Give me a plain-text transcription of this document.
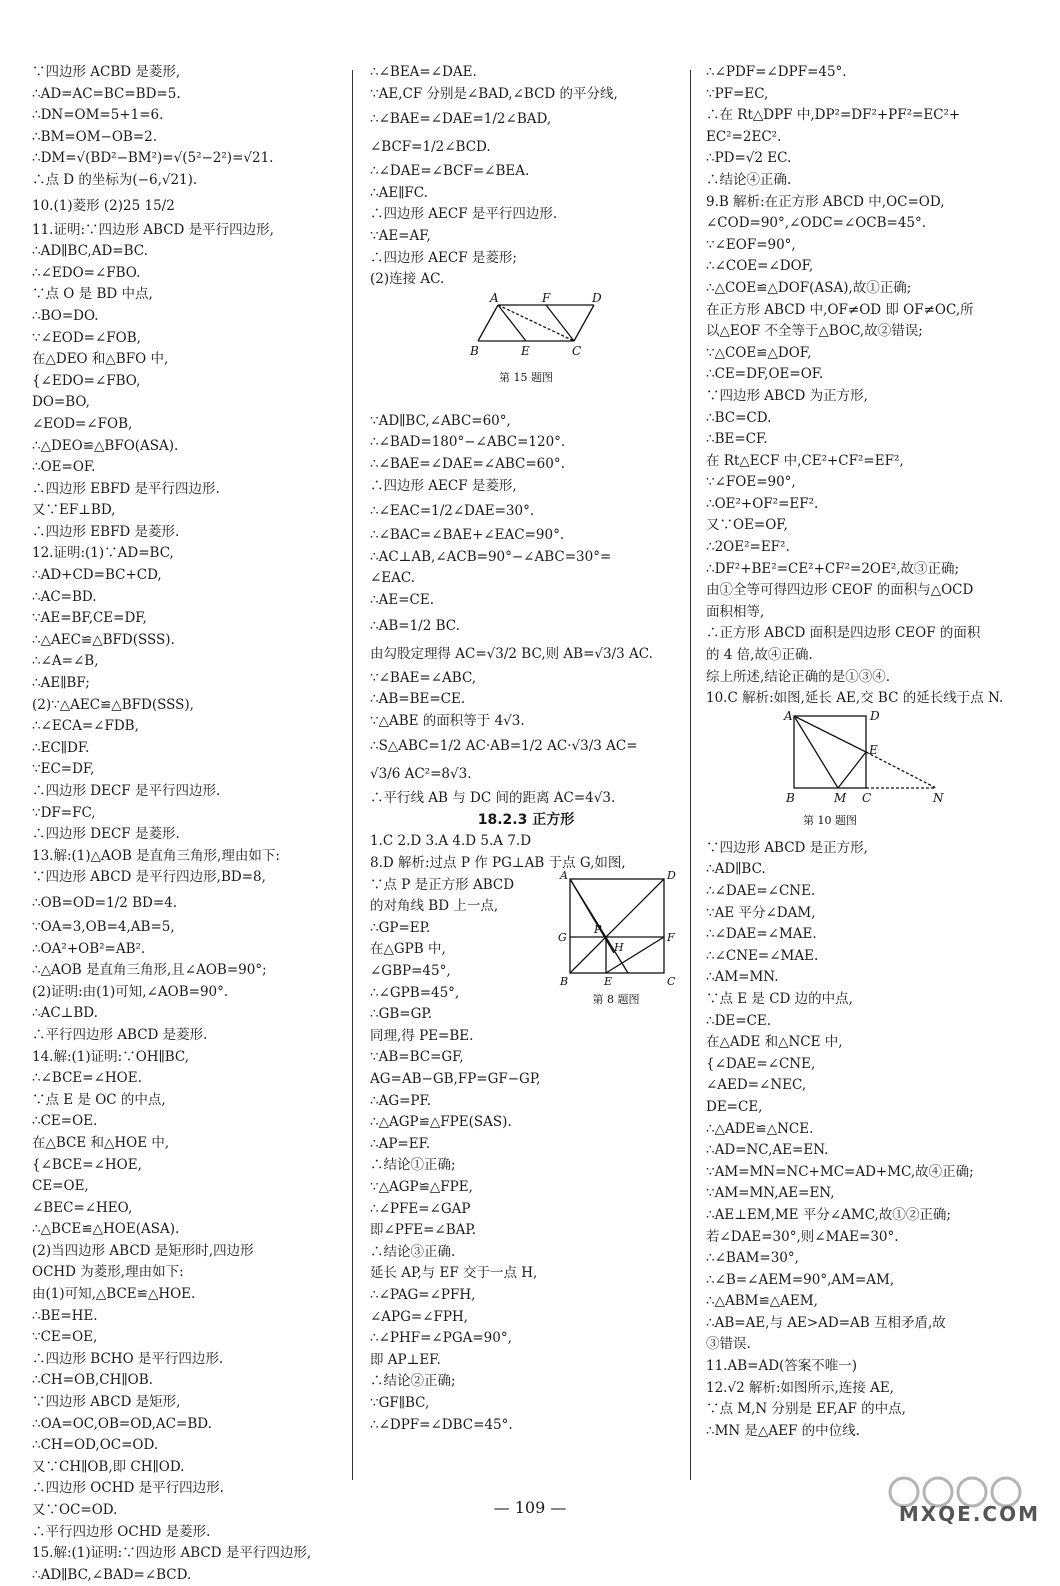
∵四边形 ACBD 是菱形,
∴AD=AC=BC=BD=5.
∴DN=OM=5+1=6.
∴BM=OM−OB=2.
∴DM=√(BD²−BM²)=√(5²−2²)=√21.
∴点 D 的坐标为(−6,√21).
10.(1)菱形 (2)25 15/2
11.证明:∵四边形 ABCD 是平行四边形,
∴AD∥BC,AD=BC.
∴∠EDO=∠FBO.
∵点 O 是 BD 中点,
∴BO=DO.
∵∠EOD=∠FOB,
在△DEO 和△BFO 中,
{∠EDO=∠FBO,
DO=BO,
∠EOD=∠FOB,
∴△DEO≌△BFO(ASA).
∴OE=OF.
∴四边形 EBFD 是平行四边形.
又∵EF⊥BD,
∴四边形 EBFD 是菱形.
12.证明:(1)∵AD=BC,
∴AD+CD=BC+CD,
∴AC=BD.
∵AE=BF,CE=DF,
∴△AEC≌△BFD(SSS).
∴∠A=∠B,
∴AE∥BF;
(2)∵△AEC≌△BFD(SSS),
∴∠ECA=∠FDB,
∴EC∥DF.
∵EC=DF,
∴四边形 DECF 是平行四边形.
∵DF=FC,
∴四边形 DECF 是菱形.
13.解:(1)△AOB 是直角三角形,理由如下:
∵四边形 ABCD 是平行四边形,BD=8,
∴OB=OD=1/2 BD=4.
∵OA=3,OB=4,AB=5,
∴OA²+OB²=AB².
∴△AOB 是直角三角形,且∠AOB=90°;
(2)证明:由(1)可知,∠AOB=90°.
∴AC⊥BD.
∴平行四边形 ABCD 是菱形.
14.解:(1)证明:∵OH∥BC,
∴∠BCE=∠HOE.
∵点 E 是 OC 的中点,
∴CE=OE.
在△BCE 和△HOE 中,
{∠BCE=∠HOE,
CE=OE,
∠BEC=∠HEO,
∴△BCE≌△HOE(ASA).
(2)当四边形 ABCD 是矩形时,四边形
OCHD 为菱形,理由如下:
由(1)可知,△BCE≌△HOE.
∴BE=HE.
∵CE=OE,
∴四边形 BCHO 是平行四边形.
∴CH=OB,CH∥OB.
∵四边形 ABCD 是矩形,
∴OA=OC,OB=OD,AC=BD.
∴CH=OD,OC=OD.
又∵CH∥OB,即 CH∥OD.
∴四边形 OCHD 是平行四边形.
又∵OC=OD.
∴平行四边形 OCHD 是菱形.
15.解:(1)证明:∵四边形 ABCD 是平行四边形,
∴AD∥BC,∠BAD=∠BCD.
∴∠BEA=∠DAE.
∵AE,CF 分别是∠BAD,∠BCD 的平分线,
∴∠BAE=∠DAE=1/2∠BAD,
∠BCF=1/2∠BCD.
∴∠DAE=∠BCF=∠BEA.
∴AE∥FC.
∴四边形 AECF 是平行四边形.
∵AE=AF,
∴四边形 AECF 是菱形;
(2)连接 AC.
A	F	D
B	E	C
第 15 题图
∵AD∥BC,∠ABC=60°,
∴∠BAD=180°−∠ABC=120°.
∴∠BAE=∠DAE=∠ABC=60°.
∴四边形 AECF 是菱形,
∴∠EAC=1/2∠DAE=30°.
∴∠BAC=∠BAE+∠EAC=90°.
∴AC⊥AB,∠ACB=90°−∠ABC=30°=
∠EAC.
∴AE=CE.
∴AB=1/2 BC.
由勾股定理得 AC=√3/2 BC,则 AB=√3/3 AC.
∵∠BAE=∠ABC,
∴AB=BE=CE.
∵△ABE 的面积等于 4√3.
∴S△ABC=1/2 AC·AB=1/2 AC·√3/3 AC=
√3/6 AC²=8√3.
∴平行线 AB 与 DC 间的距离 AC=4√3.
18.2.3 正方形
1.C 2.D 3.A 4.D 5.A 7.D
8.D 解析:过点 P 作 PG⊥AB 于点 G,如图,
∵点 P 是正方形 ABCD
的对角线 BD 上一点,
∴GP=EP.
在△GPB 中,
∠GBP=45°,
∴∠GPB=45°,
∴GB=GP.
A	D
P
G	F
H
B	E	C
第 8 题图
同理,得 PE=BE.
∵AB=BC=GF,
AG=AB−GB,FP=GF−GP,
∴AG=PF.
∴△AGP≌△FPE(SAS).
∴AP=EF.
∴结论①正确;
∵△AGP≌△FPE,
∴∠PFE=∠GAP
即∠PFE=∠BAP.
∴结论③正确.
延长 AP,与 EF 交于一点 H,
∴∠PAG=∠PFH,
∠APG=∠FPH,
∴∠PHF=∠PGA=90°,
即 AP⊥EF.
∴结论②正确;
∵GF∥BC,
∴∠DPF=∠DBC=45°.
∴∠PDF=∠DPF=45°.
∵PF=EC,
∴在 Rt△DPF 中,DP²=DF²+PF²=EC²+
EC²=2EC².
∴PD=√2 EC.
∴结论④正确.
9.B 解析:在正方形 ABCD 中,OC=OD,
∠COD=90°,∠ODC=∠OCB=45°.
∵∠EOF=90°,
∴∠COE=∠DOF,
∴△COE≌△DOF(ASA),故①正确;
在正方形 ABCD 中,OF≠OD 即 OF≠OC,所
以△EOF 不全等于△BOC,故②错误;
∵△COE≌△DOF,
∴CE=DF,OE=OF.
∵四边形 ABCD 为正方形,
∴BC=CD.
∴BE=CF.
在 Rt△ECF 中,CE²+CF²=EF²,
∵∠FOE=90°,
∴OE²+OF²=EF².
又∵OE=OF,
∴2OE²=EF².
∴DF²+BE²=CE²+CF²=2OE²,故③正确;
由①全等可得四边形 CEOF 的面积与△OCD
面积相等,
∴正方形 ABCD 面积是四边形 CEOF 的面积
的 4 倍,故④正确.
综上所述,结论正确的是①③④.
10.C 解析:如图,延长 AE,交 BC 的延长线于点 N.
A	D
E
B	M C	N
第 10 题图
∵四边形 ABCD 是正方形,
∴AD∥BC.
∴∠DAE=∠CNE.
∵AE 平分∠DAM,
∴∠DAE=∠MAE.
∴∠CNE=∠MAE.
∴AM=MN.
∵点 E 是 CD 边的中点,
∴DE=CE.
在△ADE 和△NCE 中,
{∠DAE=∠CNE,
∠AED=∠NEC,
DE=CE,
∴△ADE≌△NCE.
∴AD=NC,AE=EN.
∵AM=MN=NC+MC=AD+MC,故④正确;
∵AM=MN,AE=EN,
∴AE⊥EM,ME 平分∠AMC,故①②正确;
若∠DAE=30°,则∠MAE=30°.
∴∠BAM=30°,
∴∠B=∠AEM=90°,AM=AM,
∴△ABM≌△AEM,
∴AB=AE,与 AE>AD=AB 互相矛盾,故
③错误.
11.AB=AD(答案不唯一)
12.√2 解析:如图所示,连接 AE,
∵点 M,N 分别是 EF,AF 的中点,
∴MN 是△AEF 的中位线.
— 109 —	MXQE.COM
